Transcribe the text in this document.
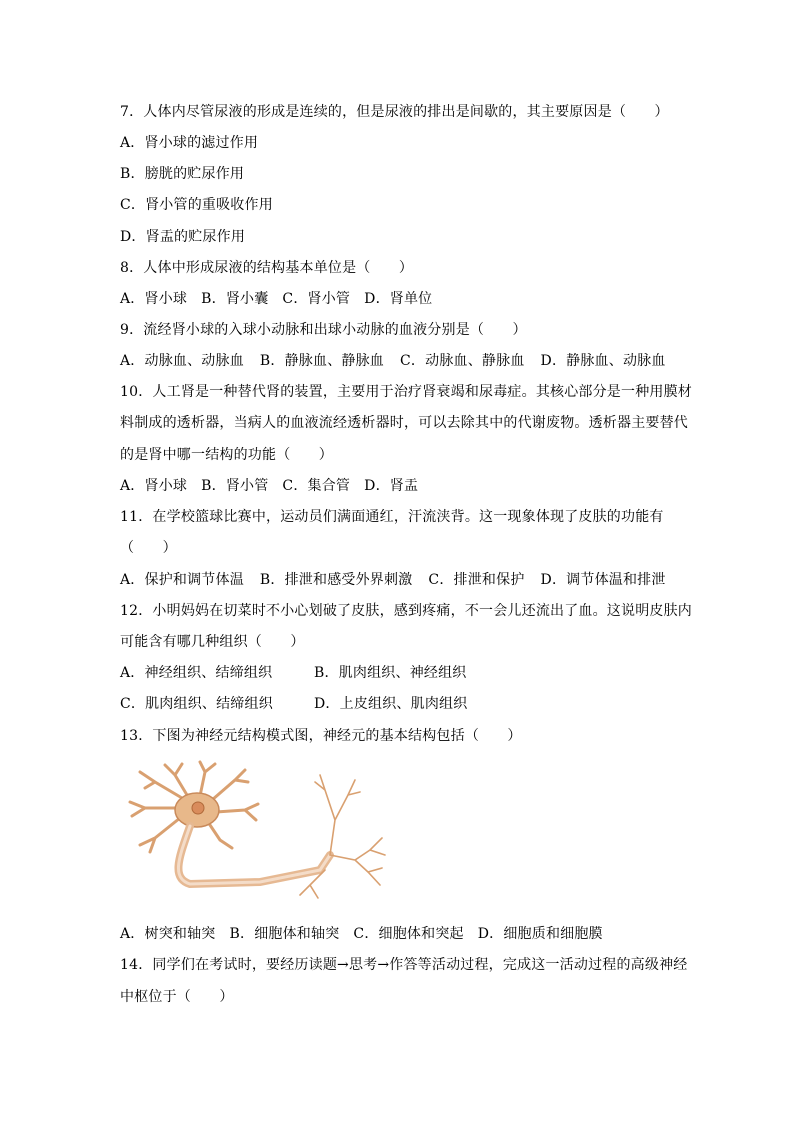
7．人体内尽管尿液的形成是连续的，但是尿液的排出是间歇的，其主要原因是（　　）
A．肾小球的滤过作用
B．膀胱的贮尿作用
C．肾小管的重吸收作用
D．肾盂的贮尿作用
8．人体中形成尿液的结构基本单位是（　　）
A．肾小球 B．肾小囊 C．肾小管 D．肾单位
9．流经肾小球的入球小动脉和出球小动脉的血液分别是（　　）
A．动脉血、动脉血 B．静脉血、静脉血 C．动脉血、静脉血 D．静脉血、动脉血
10．人工肾是一种替代肾的装置，主要用于治疗肾衰竭和尿毒症。其核心部分是一种用膜材
料制成的透析器，当病人的血液流经透析器时，可以去除其中的代谢废物。透析器主要替代
的是肾中哪一结构的功能（　　）
A．肾小球 B．肾小管 C．集合管 D．肾盂
11．在学校篮球比赛中，运动员们满面通红，汗流浃背。这一现象体现了皮肤的功能有
（　　）
A．保护和调节体温 B．排泄和感受外界刺激 C．排泄和保护 D．调节体温和排泄
12．小明妈妈在切菜时不小心划破了皮肤，感到疼痛，不一会儿还流出了血。这说明皮肤内
可能含有哪几种组织（　　）
A．神经组织、结缔组织	B．肌肉组织、神经组织
C．肌肉组织、结缔组织	D．上皮组织、肌肉组织
13．下图为神经元结构模式图，神经元的基本结构包括（　　）
A．树突和轴突 B．细胞体和轴突 C．细胞体和突起 D．细胞质和细胞膜
14．同学们在考试时，要经历读题→思考→作答等活动过程，完成这一活动过程的高级神经
中枢位于（　　）
